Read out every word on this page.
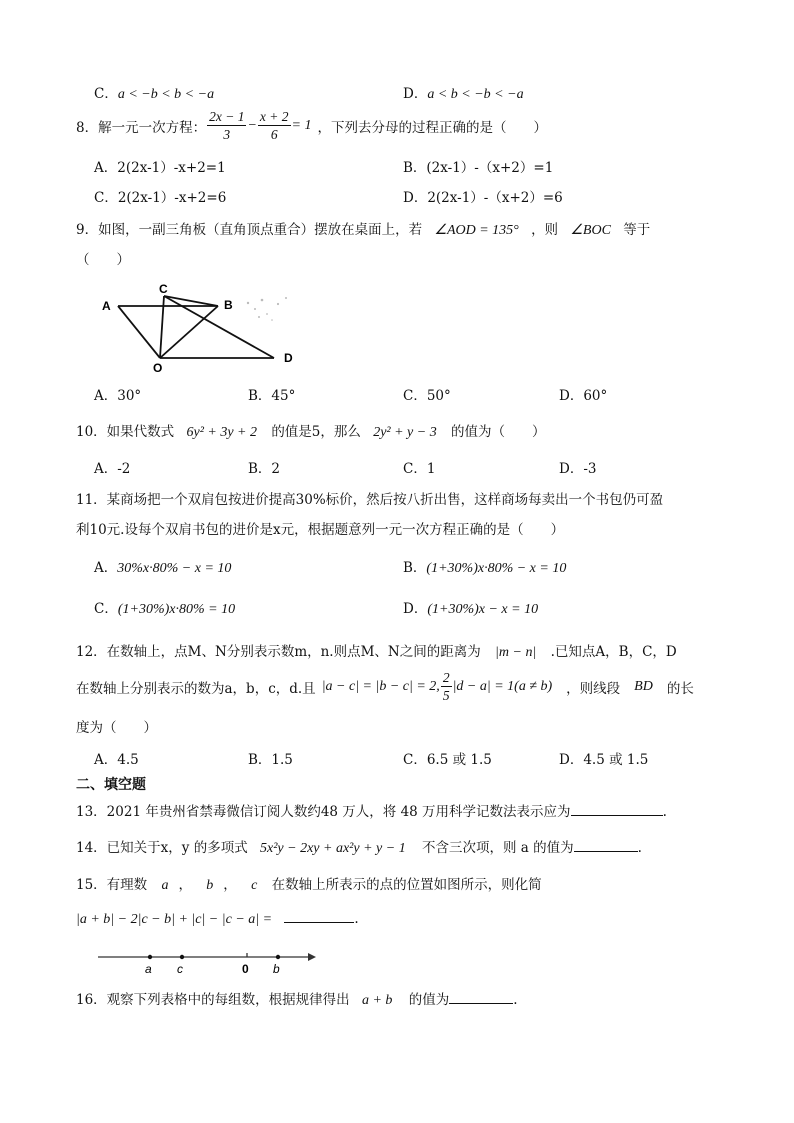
C．a < −b < b < −a	D．a < b < −b < −a
8．解一元一次方程： $\frac{2x - 1}{3} - \frac{x + 2}{6} = 1$ ，下列去分母的过程正确的是（　　）
A．2(2x-1）-x+2=1	B．(2x-1）-（x+2）=1
C．2(2x-1）-x+2=6	D．2(2x-1）-（x+2）=6
9．如图，一副三角板（直角顶点重合）摆放在桌面上，若 ∠AOD = 135° ，则 ∠BOC 等于
（　　）
A
C
B
D
O
A．30°	B．45°	C．50°	D．60°
10．如果代数式 6y² + 3y + 2 的值是5，那么 2y² + y − 3 的值为（　　）
A．-2	B．2	C．1	D．-3
11．某商场把一个双肩包按进价提高30%标价，然后按八折出售，这样商场每卖出一个书包仍可盈
利10元.设每个双肩书包的进价是x元，根据题意列一元一次方程正确的是（　　）
A．30%x·80% − x = 10	B．(1+30%)x·80% − x = 10
C．(1+30%)x·80% = 10	D．(1+30%)x − x = 10
12．在数轴上，点M、N分别表示数m，n.则点M、N之间的距离为 |m − n| .已知点A，B，C，D
在数轴上分别表示的数为a，b，c，d.且 |a − c| = |b − c| = 2, $\frac{2}{5} |d - a| = 1(a \ne b)$ ，则线段 BD 的长
度为（　　）
A．4.5	B．1.5	C．6.5 或 1.5	D．4.5 或 1.5
二、填空题
13．2021 年贵州省禁毒微信订阅人数约48 万人，将 48 万用科学记数法表示应为	.
14．已知关于x，y 的多项式 5x²y − 2xy + ax²y + y − 1 不含三次项，则 a 的值为	.
15．有理数 a ， b ， c 在数轴上所表示的点的位置如图所示，则化简
|a + b| − 2|c − b| + |c| − |c − a| =	.
a c	0 b
16．观察下列表格中的每组数，根据规律得出 a + b 的值为	.
